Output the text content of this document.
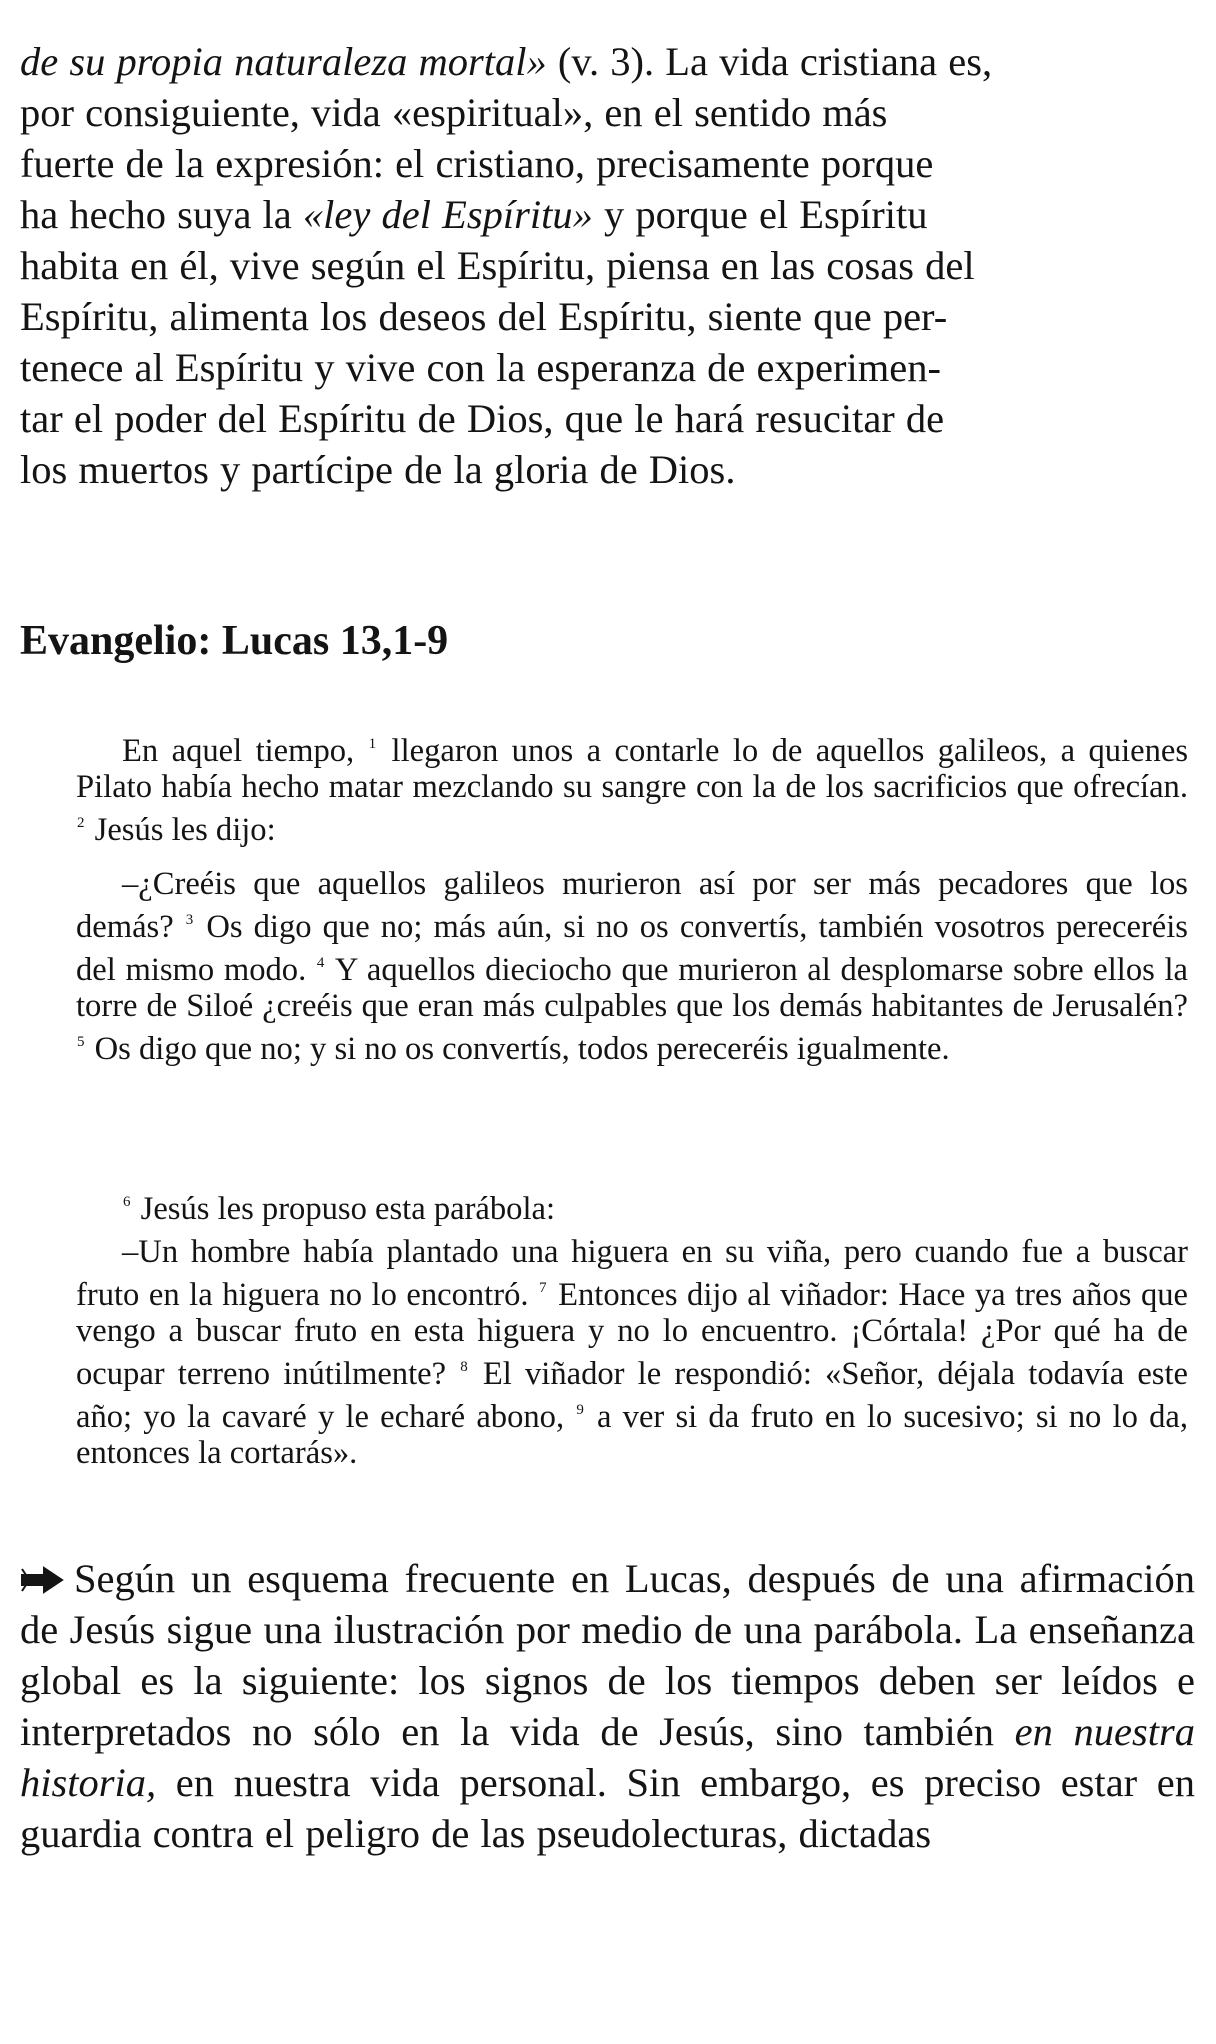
de su propia naturaleza mortal» (v. 3). La vida cristiana es,
por consiguiente, vida «espiritual», en el sentido más
fuerte de la expresión: el cristiano, precisamente porque
ha hecho suya la «ley del Espíritu» y porque el Espíritu
habita en él, vive según el Espíritu, piensa en las cosas del
Espíritu, alimenta los deseos del Espíritu, siente que per-
tenece al Espíritu y vive con la esperanza de experimen-
tar el poder del Espíritu de Dios, que le hará resucitar de
los muertos y partícipe de la gloria de Dios.
Evangelio: Lucas 13,1-9
En aquel tiempo, $^1$ llegaron unos a contarle lo de aquellos galileos, a quienes Pilato había hecho matar mezclando su sangre con la de los sacrificios que ofrecían. $^2$ Jesús les dijo:
–¿Creéis que aquellos galileos murieron así por ser más pecadores que los demás? $^3$ Os digo que no; más aún, si no os convertís, también vosotros pereceréis del mismo modo. $^4$ Y aquellos dieciocho que murieron al desplomarse sobre ellos la torre de Siloé ¿creéis que eran más culpables que los demás habitantes de Jerusalén? $^5$ Os digo que no; y si no os convertís, todos pereceréis igualmente.
$^6$ Jesús les propuso esta parábola:
–Un hombre había plantado una higuera en su viña, pero cuando fue a buscar fruto en la higuera no lo encontró. $^7$ Entonces dijo al viñador: Hace ya tres años que vengo a buscar fruto en esta higuera y no lo encuentro. ¡Córtala! ¿Por qué ha de ocupar terreno inútilmente? $^8$ El viñador le respondió: «Señor, déjala todavía este año; yo la cavaré y le echaré abono, $^9$ a ver si da fruto en lo sucesivo; si no lo da, entonces la cortarás».
Según un esquema frecuente en Lucas, después de una afirmación de Jesús sigue una ilustración por medio de una parábola. La enseñanza global es la siguiente: los signos de los tiempos deben ser leídos e interpretados no sólo en la vida de Jesús, sino también en nuestra historia, en nuestra vida personal. Sin embargo, es preciso estar en guardia contra el peligro de las pseudolecturas, dictadas
